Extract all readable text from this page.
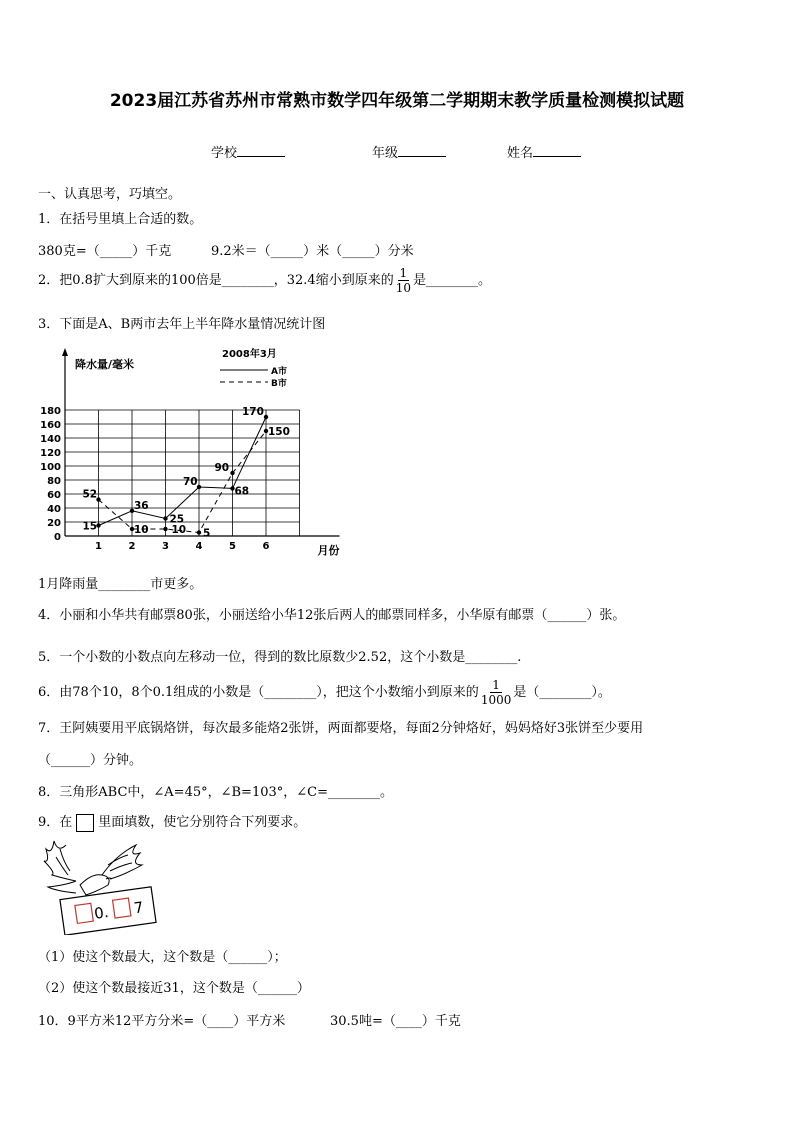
2023届江苏省苏州市常熟市数学四年级第二学期期末教学质量检测模拟试题
学校	年级	姓名
一、认真思考，巧填空。
1．在括号里填上合适的数。
380克=（_____）千克	9.2米＝（_____）米（_____）分米
2．把0.8扩大到原来的100倍是________，32.4缩小到原来的 $\frac{1}{10}$ 是________。
3．下面是A、B两市去年上半年降水量情况统计图
0
20
40
60
80
100
120
140
160
180
1	2	3	4	5	6
降水量/毫米
月份
2008年3月
A市
B市
15
36
25
70
68
170
52
10 10 5
90
150
1月降雨量________市更多。
4．小丽和小华共有邮票80张，小丽送给小华12张后两人的邮票同样多，小华原有邮票（______）张。
5．一个小数的小数点向左移动一位，得到的数比原数少2.52，这个小数是________.
6．由78个10，8个0.1组成的小数是（________），把这个小数缩小到原来的 $\frac{1}{1000}$ 是（________）。
7．王阿姨要用平底锅烙饼，每次最多能烙2张饼，两面都要烙，每面2分钟烙好，妈妈烙好3张饼至少要用
（______）分钟。
8．三角形ABC中，∠A=45°，∠B=103°，∠C=________。
9．在 里面填数，使它分别符合下列要求。
0. 7
（1）使这个数最大，这个数是（______）；
（2）使这个数最接近31，这个数是（______）
10．9平方米12平方分米=（____）平方米	30.5吨=（____）千克
